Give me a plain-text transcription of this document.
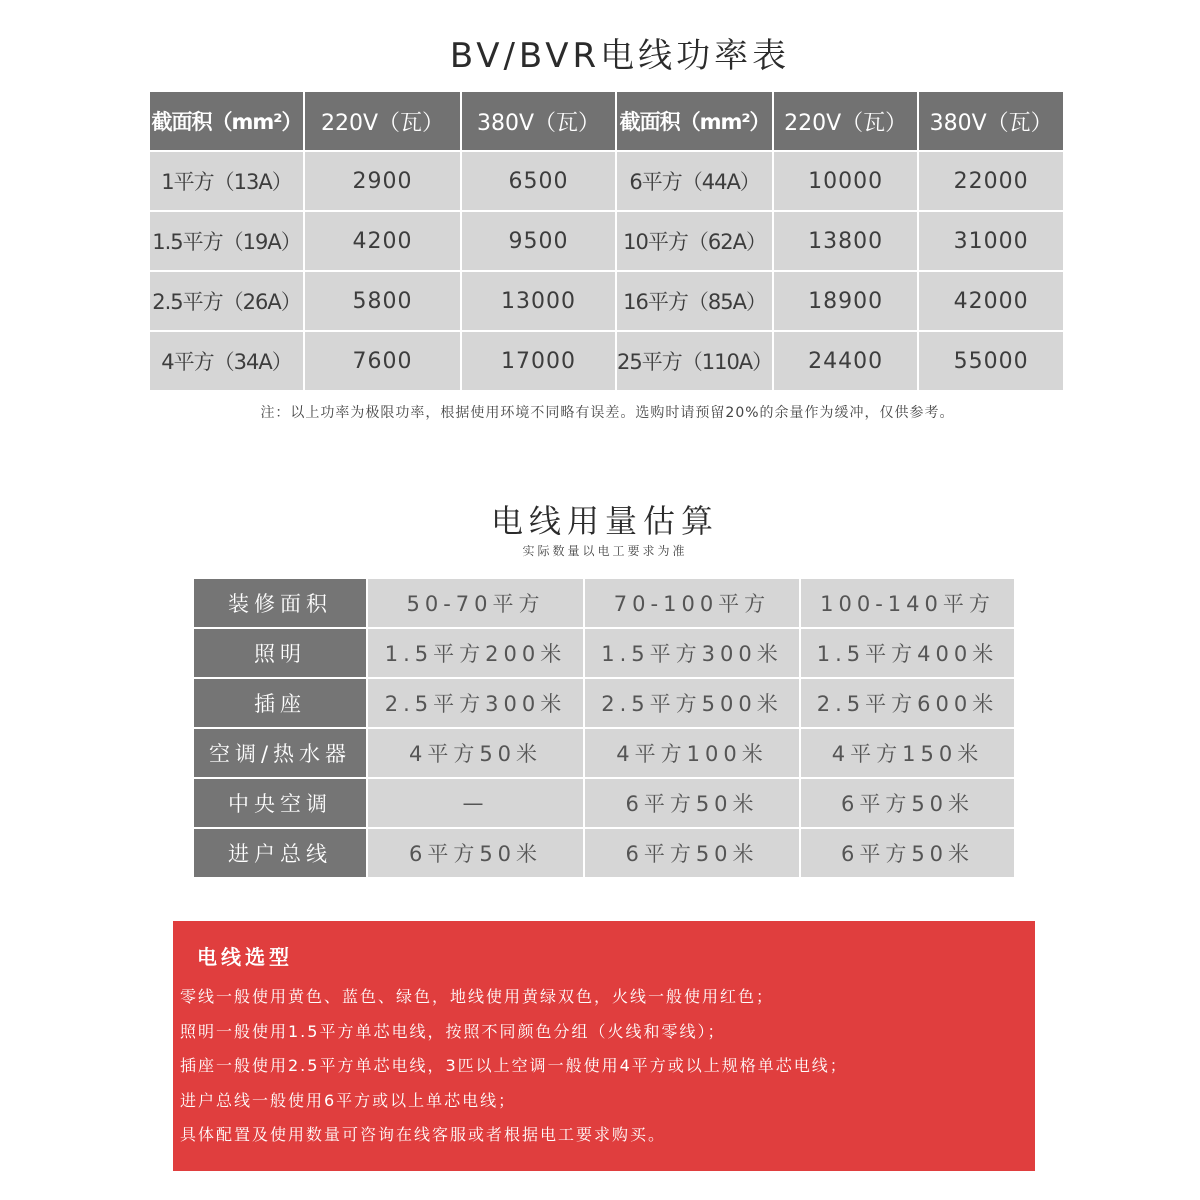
BV/BVR电线功率表
截面积（mm²）	220V（瓦）	380V（瓦）	截面积（mm²）	220V（瓦）	380V（瓦）
1平方（13A）	2900	6500	6平方（44A）	10000	22000
1.5平方（19A）	4200	9500	10平方（62A）	13800	31000
2.5平方（26A）	5800	13000	16平方（85A）	18900	42000
4平方（34A）	7600	17000	25平方（110A）	24400	55000
注：以上功率为极限功率，根据使用环境不同略有误差。选购时请预留20%的余量作为缓冲，仅供参考。
电线用量估算
实际数量以电工要求为准
装修面积	50-70平方	70-100平方	100-140平方
照明	1.5平方200米	1.5平方300米	1.5平方400米
插座	2.5平方300米	2.5平方500米	2.5平方600米
空调/热水器	4平方50米	4平方100米	4平方150米
中央空调	—	6平方50米	6平方50米
进户总线	6平方50米	6平方50米	6平方50米
电线选型
零线一般使用黄色、蓝色、绿色，地线使用黄绿双色，火线一般使用红色；
照明一般使用1.5平方单芯电线，按照不同颜色分组（火线和零线）；
插座一般使用2.5平方单芯电线，3匹以上空调一般使用4平方或以上规格单芯电线；
进户总线一般使用6平方或以上单芯电线；
具体配置及使用数量可咨询在线客服或者根据电工要求购买。
